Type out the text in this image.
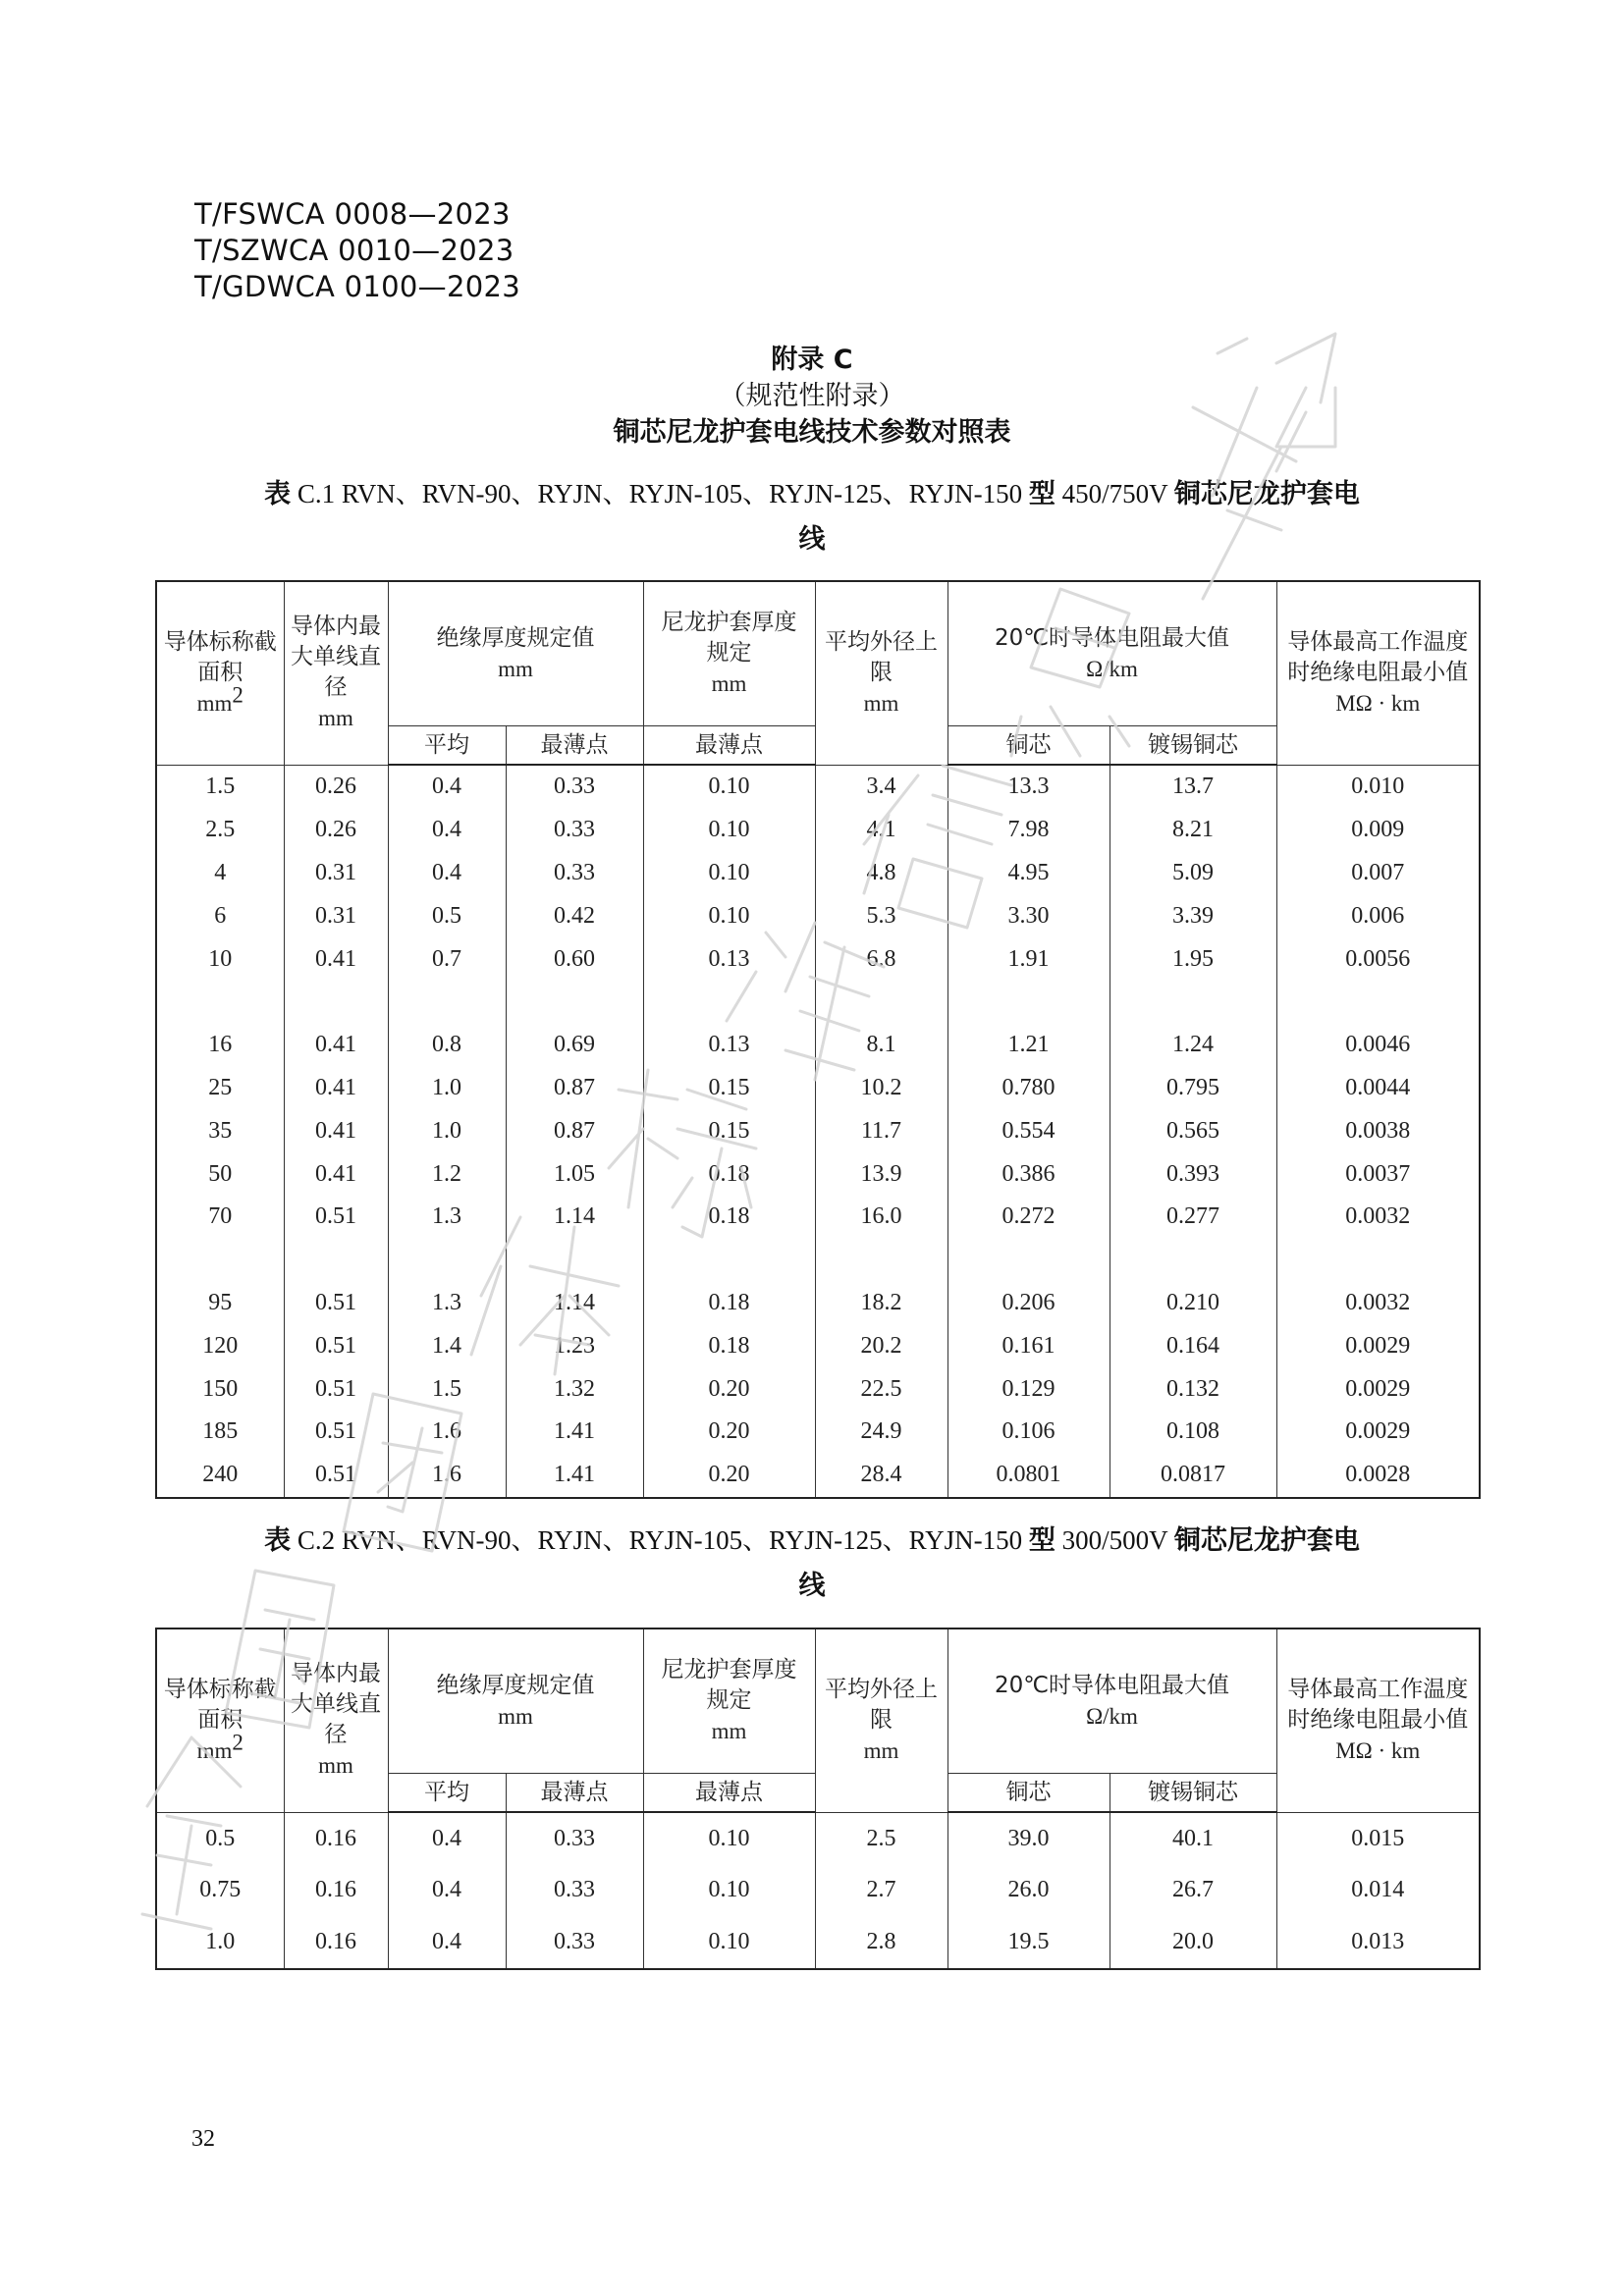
T/FSWCA 0008—2023
T/SZWCA 0010—2023
T/GDWCA 0100—2023
附录 C
（规范性附录）
铜芯尼龙护套电线技术参数对照表
表 C.1 RVN、RVN-90、RYJN、RYJN-105、RYJN-125、RYJN-150 型 450/750V 铜芯尼龙护套电
线
导体标称截
面积
$mm^2$	导体内最
大单线直
径
mm	绝缘厚度规定值
mm		尼龙护套厚度
规定
mm	平均外径上
限
mm	20℃时导体电阻最大值
Ω/km		导体最高工作温度
时绝缘电阻最小值
MΩ · km
		平均	最薄点	最薄点		铜芯	镀锡铜芯	
1.5	0.26	0.4	0.33	0.10	3.4	13.3	13.7	0.010
2.5	0.26	0.4	0.33	0.10	4.1	7.98	8.21	0.009
4	0.31	0.4	0.33	0.10	4.8	4.95	5.09	0.007
6	0.31	0.5	0.42	0.10	5.3	3.30	3.39	0.006
10	0.41	0.7	0.60	0.13	6.8	1.91	1.95	0.0056

16	0.41	0.8	0.69	0.13	8.1	1.21	1.24	0.0046
25	0.41	1.0	0.87	0.15	10.2	0.780	0.795	0.0044
35	0.41	1.0	0.87	0.15	11.7	0.554	0.565	0.0038
50	0.41	1.2	1.05	0.18	13.9	0.386	0.393	0.0037
70	0.51	1.3	1.14	0.18	16.0	0.272	0.277	0.0032

95	0.51	1.3	1.14	0.18	18.2	0.206	0.210	0.0032
120	0.51	1.4	1.23	0.18	20.2	0.161	0.164	0.0029
150	0.51	1.5	1.32	0.20	22.5	0.129	0.132	0.0029
185	0.51	1.6	1.41	0.20	24.9	0.106	0.108	0.0029
240	0.51	1.6	1.41	0.20	28.4	0.0801	0.0817	0.0028
表 C.2 RVN、RVN-90、RYJN、RYJN-105、RYJN-125、RYJN-150 型 300/500V 铜芯尼龙护套电
线
导体标称截
面积
$mm^2$	导体内最
大单线直
径
mm	绝缘厚度规定值
mm		尼龙护套厚度
规定
mm	平均外径上
限
mm	20℃时导体电阻最大值
Ω/km		导体最高工作温度
时绝缘电阻最小值
MΩ · km
		平均	最薄点	最薄点		铜芯	镀锡铜芯	
0.5	0.16	0.4	0.33	0.10	2.5	39.0	40.1	0.015
0.75	0.16	0.4	0.33	0.10	2.7	26.0	26.7	0.014
1.0	0.16	0.4	0.33	0.10	2.8	19.5	20.0	0.013
32
